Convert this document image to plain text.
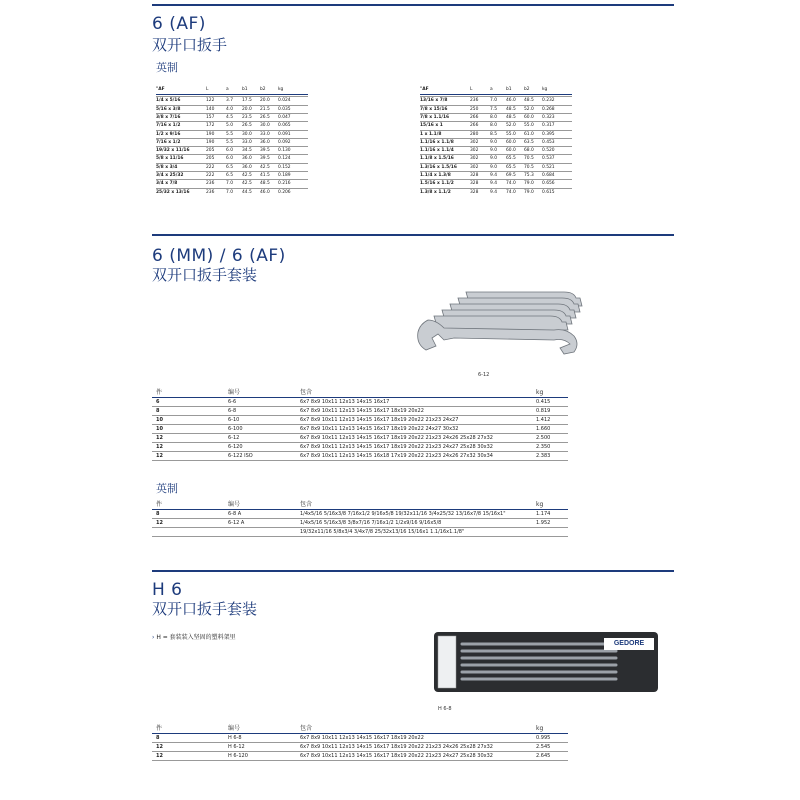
6 (AF)
双开口扳手
英制
"AF	L	a	b1	b2	kg
1/4 x 5/16	122	3.7 17.5 20.0 0.024
5/16 x 3/8	140	4.0 20.0 21.5 0.035
3/8 x 7/16	157	4.5 23.5 26.5 0.047
7/16 x 1/2	172	5.0 26.5 30.0 0.065
1/2 x 9/16	190	5.5 30.0 33.0 0.091
7/16 x 1/2	190	5.5 33.0 36.0 0.092
19/32 x 11/16	205	6.0 34.5 39.5 0.130
5/8 x 11/16	205	6.0 36.0 39.5 0.124
5/8 x 3/4	222	6.5 36.0 42.5 0.152
3/4 x 25/32	222	6.5 42.5 41.5 0.189
3/4 x 7/8	236	7.0 42.5 48.5 0.216
25/32 x 13/16	236	7.0 44.5 46.0 0.206
"AF	L	a	b1	b2	kg
13/16 x 7/8	236	7.0 46.0 48.5 0.232
7/8 x 15/16	250	7.5 48.5 52.0 0.268
7/8 x 1.1/16	266	8.0 48.5 60.0 0.323
15/16 x 1	266	8.0 52.0 55.0 0.317
1 x 1.1/8	280	8.5 55.0 61.0 0.395
1.1/16 x 1.1/8	302	9.0 60.0 63.5 0.453
1.1/16 x 1.1/4	302	9.0 60.0 68.0 0.520
1.1/8 x 1.5/16	302	9.0 65.5 70.5 0.537
1.3/16 x 1.5/16	302	9.0 65.5 70.5 0.521
1.1/4 x 1.3/8	328	9.4 69.5 75.3 0.684
1.5/16 x 1.1/2	328	9.4 74.0 79.0 0.656
1.3/8 x 1.1/2	328	9.4 74.0 79.0 0.615
6 (MM) / 6 (AF)
双开口扳手套装
6-12
件	编号	包含	kg
6	6-6	6x7 8x9 10x11 12x13 14x15 16x17	0.415
8	6-8	6x7 8x9 10x11 12x13 14x15 16x17 18x19 20x22	0.819
10	6-10	6x7 8x9 10x11 12x13 14x15 16x17 18x19 20x22 21x23 24x27	1.412
10	6-100	6x7 8x9 10x11 12x13 14x15 16x17 18x19 20x22 24x27 30x32	1.660
12	6-12	6x7 8x9 10x11 12x13 14x15 16x17 18x19 20x22 21x23 24x26 25x28 27x32	2.500
12	6-120	6x7 8x9 10x11 12x13 14x15 16x17 18x19 20x22 21x23 24x27 25x28 30x32	2.350
12	6-122 ISO	6x7 8x9 10x11 12x13 14x15 16x18 17x19 20x22 21x23 24x26 27x32 30x34	2.383
英制
件	编号	包含	kg
8	6-8 A	1/4x5/16 5/16x3/8 7/16x1/2 9/16x5/8 19/32x11/16 3/4x25/32 13/16x7/8 15/16x1"	1.174
12	6-12 A	1/4x5/16 5/16x3/8 3/8x7/16 7/16x1/2 1/2x9/16 9/16x5/8	1.952
19/32x11/16 5/8x3/4 3/4x7/8 25/32x13/16 15/16x1 1.1/16x1.1/8"
H 6
双开口扳手套装
› H = 套装装入坚固的塑料架里
GEDORE
H 6-8
件	编号	包含	kg
8	H 6-8	6x7 8x9 10x11 12x13 14x15 16x17 18x19 20x22	0.995
12	H 6-12	6x7 8x9 10x11 12x13 14x15 16x17 18x19 20x22 21x23 24x26 25x28 27x32	2.545
12	H 6-120	6x7 8x9 10x11 12x13 14x15 16x17 18x19 20x22 21x23 24x27 25x28 30x32	2.645
